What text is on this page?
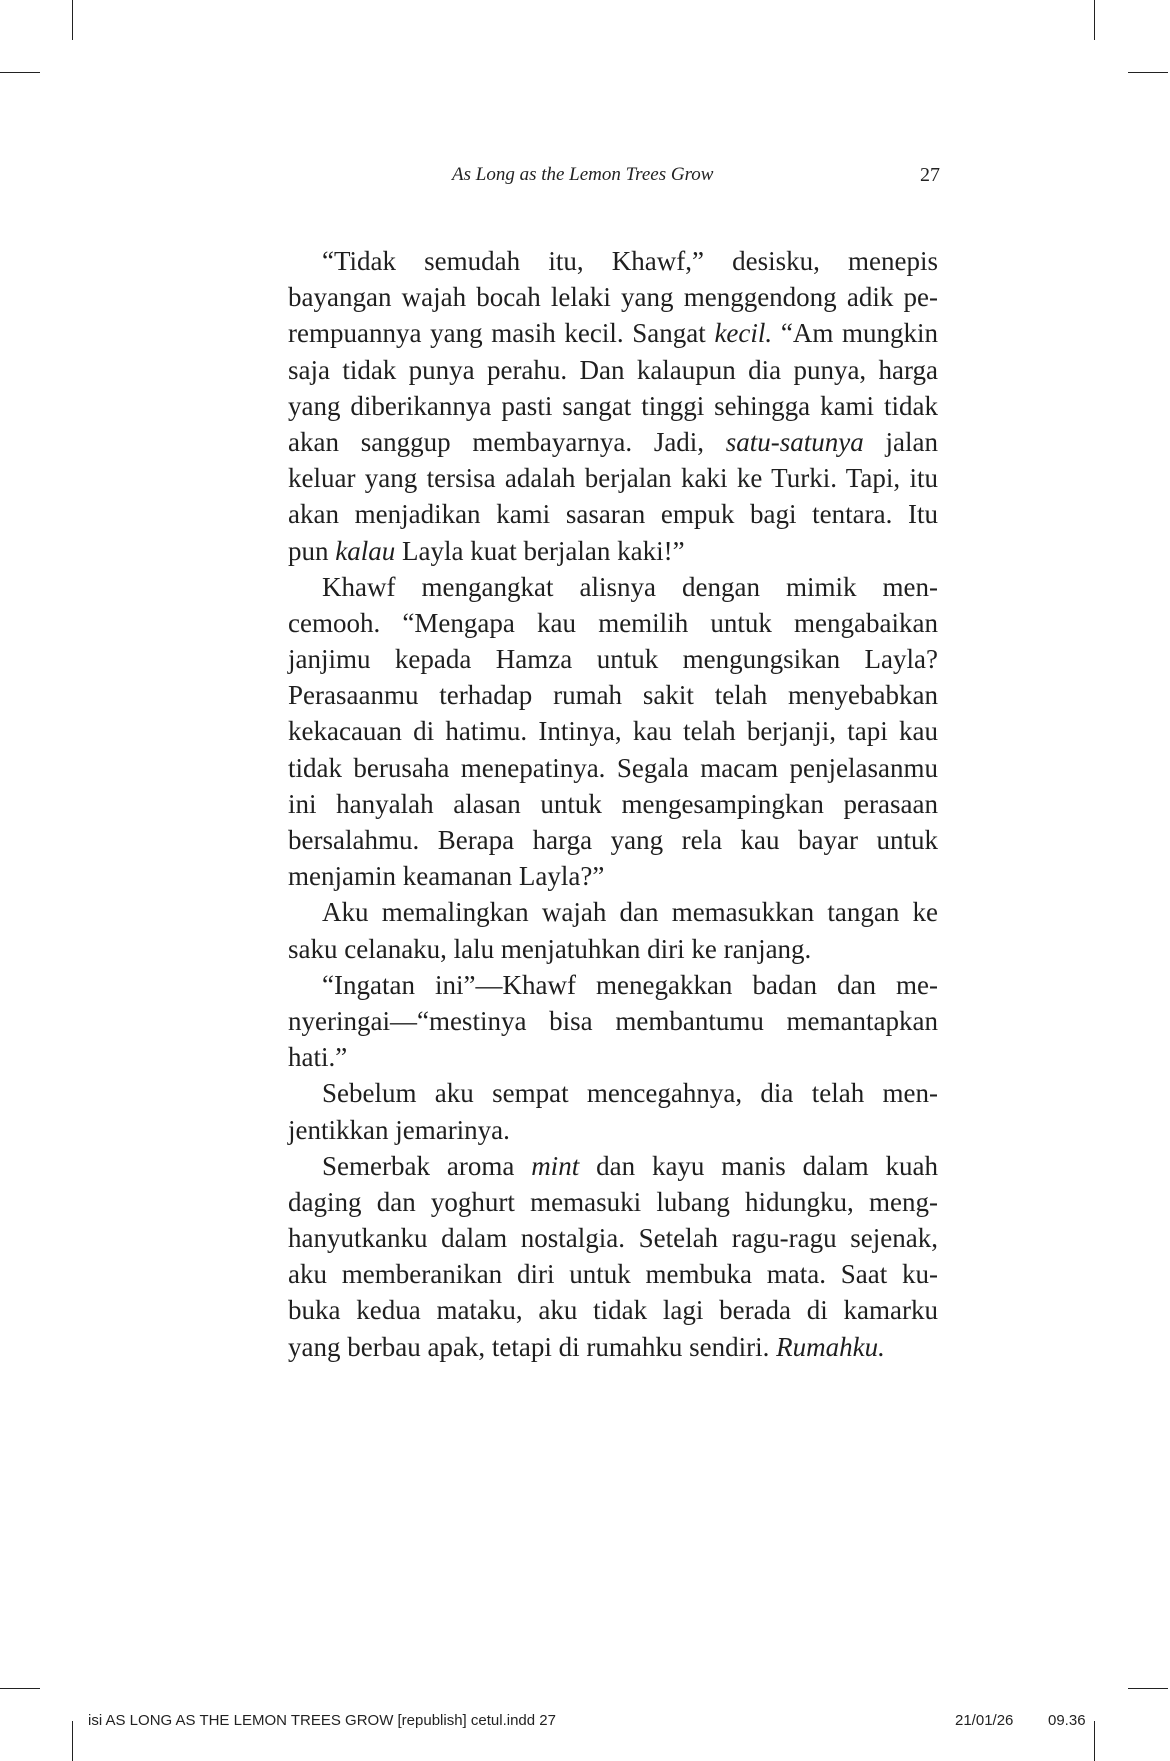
As Long as the Lemon Trees Grow	27
“Tidak semudah itu, Khawf,” desisku, menepis
bayangan wajah bocah lelaki yang menggendong adik pe-
rempuannya yang masih kecil. Sangat kecil. “Am mungkin
saja tidak punya perahu. Dan kalaupun dia punya, harga
yang diberikannya pasti sangat tinggi sehingga kami tidak
akan sanggup membayarnya. Jadi, satu-satunya jalan
keluar yang tersisa adalah berjalan kaki ke Turki. Tapi, itu
akan menjadikan kami sasaran empuk bagi tentara. Itu
pun kalau Layla kuat berjalan kaki!”
Khawf mengangkat alisnya dengan mimik men-
cemooh. “Mengapa kau memilih untuk mengabaikan
janjimu kepada Hamza untuk mengungsikan Layla?
Perasaanmu terhadap rumah sakit telah menyebabkan
kekacauan di hatimu. Intinya, kau telah berjanji, tapi kau
tidak berusaha menepatinya. Segala macam penjelasanmu
ini hanyalah alasan untuk mengesampingkan perasaan
bersalahmu. Berapa harga yang rela kau bayar untuk
menjamin keamanan Layla?”
Aku memalingkan wajah dan memasukkan tangan ke
saku celanaku, lalu menjatuhkan diri ke ranjang.
“Ingatan ini”—Khawf menegakkan badan dan me-
nyeringai—“mestinya bisa membantumu memantapkan
hati.”
Sebelum aku sempat mencegahnya, dia telah men-
jentikkan jemarinya.
Semerbak aroma mint dan kayu manis dalam kuah
daging dan yoghurt memasuki lubang hidungku, meng-
hanyutkanku dalam nostalgia. Setelah ragu-ragu sejenak,
aku memberanikan diri untuk membuka mata. Saat ku-
buka kedua mataku, aku tidak lagi berada di kamarku
yang berbau apak, tetapi di rumahku sendiri. Rumahku.
isi AS LONG AS THE LEMON TREES GROW [republish] cetul.indd 27	21/01/26 09.36
